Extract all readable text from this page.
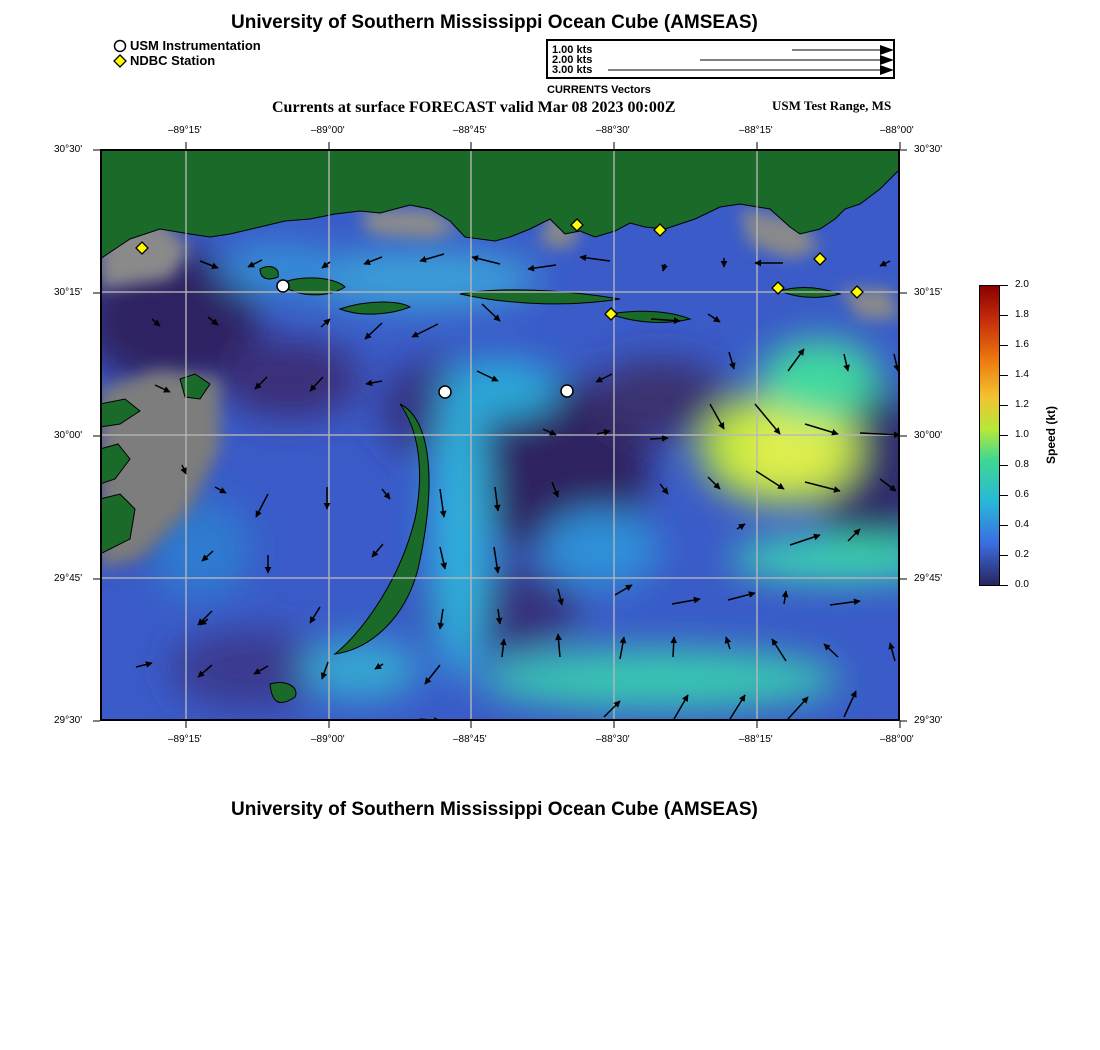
University of Southern Mississippi Ocean Cube (AMSEAS)
USM Instrumentation
NDBC Station
1.00 kts
2.00 kts
3.00 kts
CURRENTS Vectors
Currents at surface FORECAST valid Mar 08 2023 00:00Z	USM Test Range, MS
–89°15'	–89°00'	–88°45'	–88°30'	–88°15'	–88°00'
–89°15'	–89°00'	–88°45'	–88°30'	–88°15'	–88°00'
30°30'
30°15'
30°00'
29°45'
29°30'
30°30'
30°15'
30°00'
29°45'
29°30'
2.0
1.8
1.6
1.4
1.2
1.0
0.8
0.6
0.4
0.2
0.0
Speed (kt)
University of Southern Mississippi Ocean Cube (AMSEAS)
